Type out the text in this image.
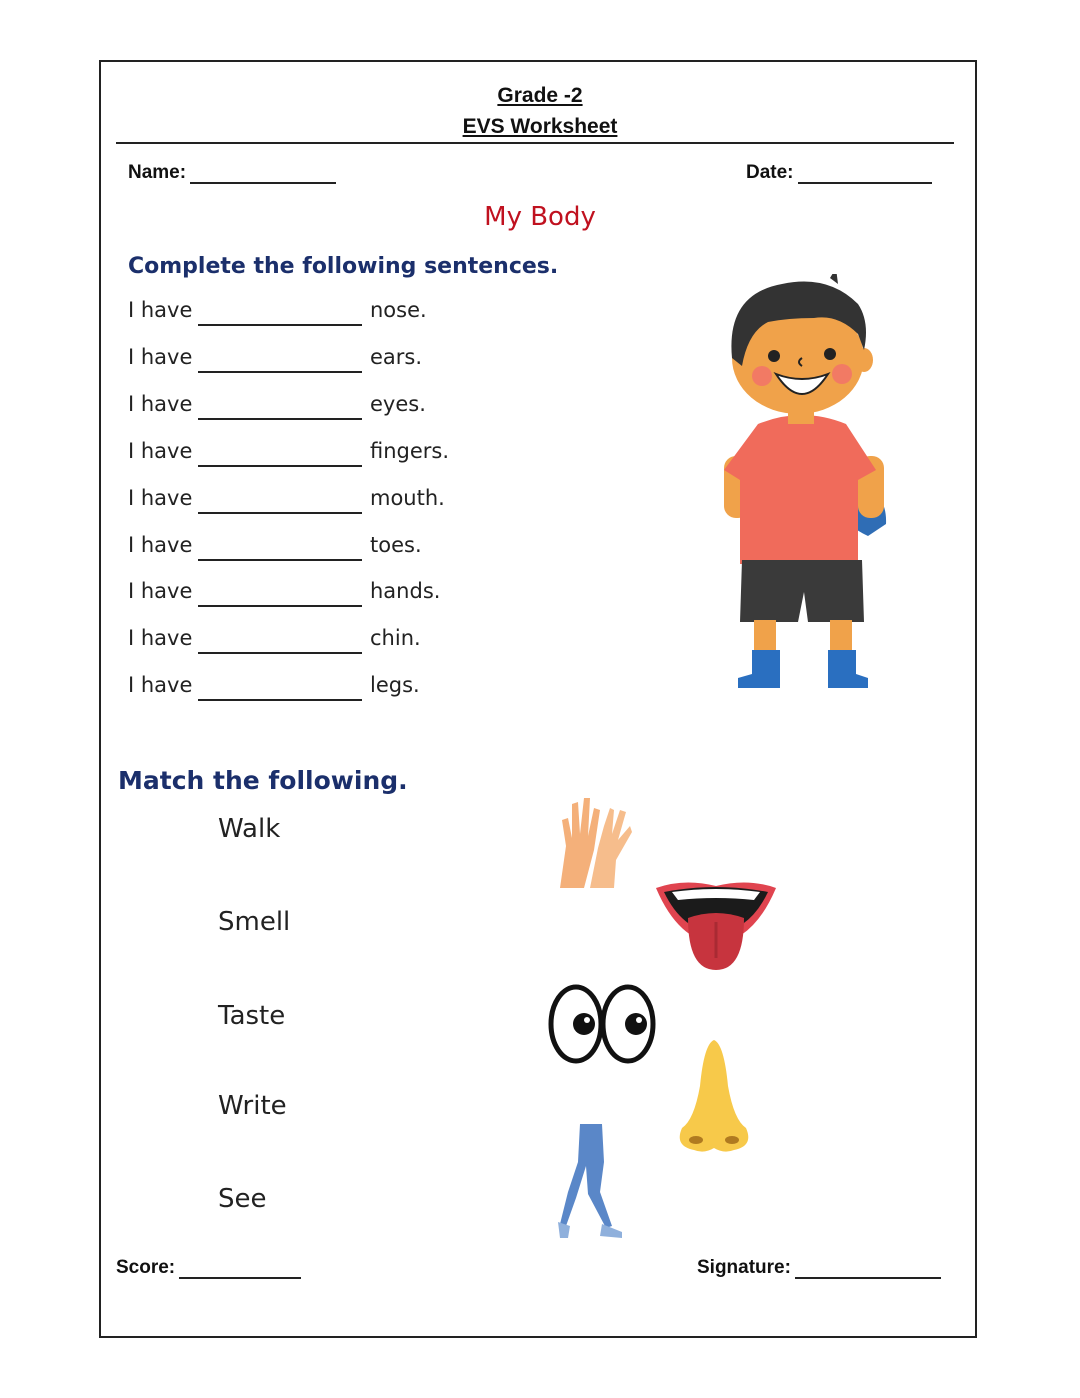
Grade -2
EVS Worksheet
Name:	Date:
My Body
Complete the following sentences.
I have	nose.
I have	ears.
I have	eyes.
I have	fingers.
I have	mouth.
I have	toes.
I have	hands.
I have	chin.
I have	legs.
Match the following.
Walk
Smell
Taste
Write
See
Score:	Signature:
